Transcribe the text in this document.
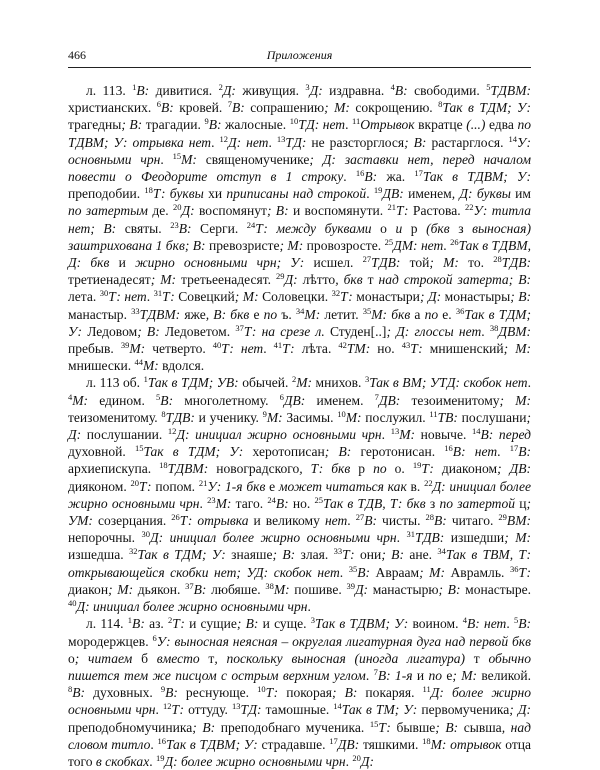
466	Приложения

л. 113. $^1$В: дивитися. $^2$Д: живущия. $^3$Д: издравна. $^4$В: свободими. $^5$ТДВМ: христианских. $^6$В: кровей. $^7$В: сопрашению; М: сокрощению. $^8$Так в ТДМ; У: трагедны; В: трагадии. $^9$В: жалосные. $^{10}$ТД: нет. $^{11}$Отрывок вкратце (...) едва по ТДВМ; У: отрывка нет. $^{12}$Д: нет. $^{13}$ТД: не разсторглося; В: растарглося. $^{14}$У: основными чрн. $^{15}$М: священомученике; Д: заставки нет, перед началом повести о Феодорите отступ в 1 строку. $^{16}$В: жа. $^{17}$Так в ТДВМ; У: преподобии. $^{18}$Т: буквы хи приписаны над строкой. $^{19}$ДВ: именем, Д: буквы им по затертым де. $^{20}$Д: воспомянут; В: и воспомянути. $^{21}$Т: Растова. $^{22}$У: титла нет; В: святы. $^{23}$В: Серги. $^{24}$Т: между буквами о и р (бкв з выносная) заштрихована 1 бкв; В: превозристе; М: провозросте. $^{25}$ДМ: нет. $^{26}$Так в ТДВМ, Д: бкв и жирно основными чрн; У: исшел. $^{27}$ТДВ: той; М: то. $^{28}$ТДВ: третиенадесят; М: третьеенадесят. $^{29}$Д: лѣтто, бкв т над строкой затерта; В: лета. $^{30}$Т: нет. $^{31}$Т: Совецкий; М: Соловецки. $^{32}$Т: монастыри; Д: монастыры; В: манастыр. $^{33}$ТДВМ: яже, В: бкв е по ъ. $^{34}$М: летит. $^{35}$М: бкв а по е. $^{36}$Так в ТДМ; У: Ледовом; В: Ледоветом. $^{37}$Т: на срезе л. Студен[..]; Д: глоссы нет. $^{38}$ДВМ: пребыв. $^{39}$М: четверто. $^{40}$Т: нет. $^{41}$Т: лѣта. $^{42}$ТМ: но. $^{43}$Т: мнишенский; М: мнишески. $^{44}$М: вдолся.

л. 113 об. $^1$Так в ТДМ; УВ: обычей. $^2$М: мнихов. $^3$Так в ВМ; УТД: скобок нет. $^4$М: едином. $^5$В: многолетному. $^6$ДВ: именем. $^7$ДВ: тезоименитому; М: теизоменитому. $^8$ТДВ: и ученику. $^9$М: Засимы. $^{10}$М: послужил. $^{11}$ТВ: послушани; Д: послушании. $^{12}$Д: инициал жирно основными чрн. $^{13}$М: новыче. $^{14}$В: перед духовной. $^{15}$Так в ТДМ; У: херотописан; В: геротонисан. $^{16}$В: нет. $^{17}$В: архиепискупа. $^{18}$ТДВМ: новоградского, Т: бкв р по о. $^{19}$Т: диаконом; ДВ: дияконом. $^{20}$Т: попом. $^{21}$У: 1-я бкв е может читаться как в. $^{22}$Д: инициал более жирно основными чрн. $^{23}$М: таго. $^{24}$В: но. $^{25}$Так в ТДВ, Т: бкв з по затертой ц; УМ: созерцания. $^{26}$Т: отрывка и великому нет. $^{27}$В: чисты. $^{28}$В: читаго. $^{29}$ВМ: непорочны. $^{30}$Д: инициал более жирно основными чрн. $^{31}$ТДВ: изшедши; М: изшедша. $^{32}$Так в ТДМ; У: знаяше; В: злая. $^{33}$Т: они; В: ане. $^{34}$Так в ТВМ, Т: открывающейся скобки нет; УД: скобок нет. $^{35}$В: Авраам; М: Аврамль. $^{36}$Т: диакон; М: дьякон. $^{37}$В: любяше. $^{38}$М: пошиве. $^{39}$Д: манастырю; В: монастыре. $^{40}$Д: инициал более жирно основными чрн.

л. 114. $^1$В: аз. $^2$Т: и сущие; В: и суще. $^3$Так в ТДВМ; У: воином. $^4$В: нет. $^5$В: мородержцев. $^6$У: выносная неясная – округлая лигатурная дуга над первой бкв о; читаем б вместо т, поскольку выносная (иногда лигатура) т обычно пишется тем же писцом с острым верхним углом. $^7$В: 1-я и по е; М: великой. $^8$В: духовных. $^9$В: реснующе. $^{10}$Т: покорая; В: покаряя. $^{11}$Д: более жирно основными чрн. $^{12}$Т: оттуду. $^{13}$ТД: тамошные. $^{14}$Так в ТМ; У: первомученика; Д: преподобномучиника; В: преподобнаго мученика. $^{15}$Т: бывше; В: сывша, над словом титло. $^{16}$Так в ТДВМ; У: страдавше. $^{17}$ДВ: тяшкими. $^{18}$М: отрывок отца того в скобках. $^{19}$Д: более жирно основными чрн. $^{20}$Д:
